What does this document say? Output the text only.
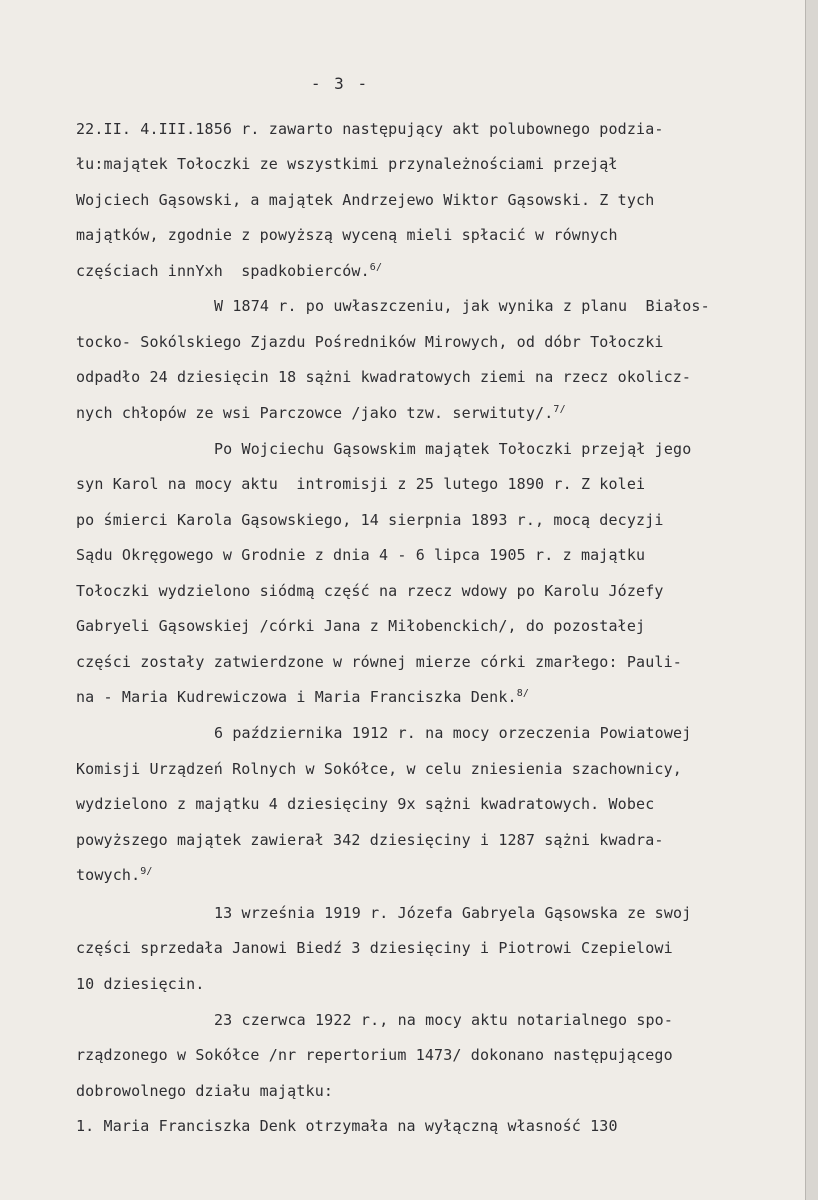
- 3 -
22.II. 4.III.1856 r. zawarto następujący akt polubownego podzia-
łu:majątek Tołoczki ze wszystkimi przynależnościami przejął
Wojciech Gąsowski, a majątek Andrzejewo Wiktor Gąsowski. Z tych
majątków, zgodnie z powyższą wyceną mieli spłacić w równych
częściach innYxh  spadkobierców.$^{6/}$
W 1874 r. po uwłaszczeniu, jak wynika z planu  Białos-
tocko- Sokólskiego Zjazdu Pośredników Mirowych, od dóbr Tołoczki
odpadło 24 dziesięcin 18 sążni kwadratowych ziemi na rzecz okolicz-
nych chłopów ze wsi Parczowce /jako tzw. serwituty/.$^{7/}$
Po Wojciechu Gąsowskim majątek Tołoczki przejął jego
syn Karol na mocy aktu  intromisji z 25 lutego 1890 r. Z kolei
po śmierci Karola Gąsowskiego, 14 sierpnia 1893 r., mocą decyzji
Sądu Okręgowego w Grodnie z dnia 4 - 6 lipca 1905 r. z majątku
Tołoczki wydzielono siódmą część na rzecz wdowy po Karolu Józefy
Gabryeli Gąsowskiej /córki Jana z Miłobenckich/, do pozostałej
części zostały zatwierdzone w równej mierze córki zmarłego: Pauli-
na - Maria Kudrewiczowa i Maria Franciszka Denk.$^{8/}$
6 października 1912 r. na mocy orzeczenia Powiatowej
Komisji Urządzeń Rolnych w Sokółce, w celu zniesienia szachownicy,
wydzielono z majątku 4 dziesięciny 9x sążni kwadratowych. Wobec
powyższego majątek zawierał 342 dziesięciny i 1287 sążni kwadra-
towych.$^{9/}$
13 września 1919 r. Józefa Gabryela Gąsowska ze swoj
części sprzedała Janowi Biedź 3 dziesięciny i Piotrowi Czepielowi
10 dziesięcin.
23 czerwca 1922 r., na mocy aktu notarialnego spo-
rządzonego w Sokółce /nr repertorium 1473/ dokonano następującego
dobrowolnego działu majątku:
1. Maria Franciszka Denk otrzymała na wyłączną własność 130
